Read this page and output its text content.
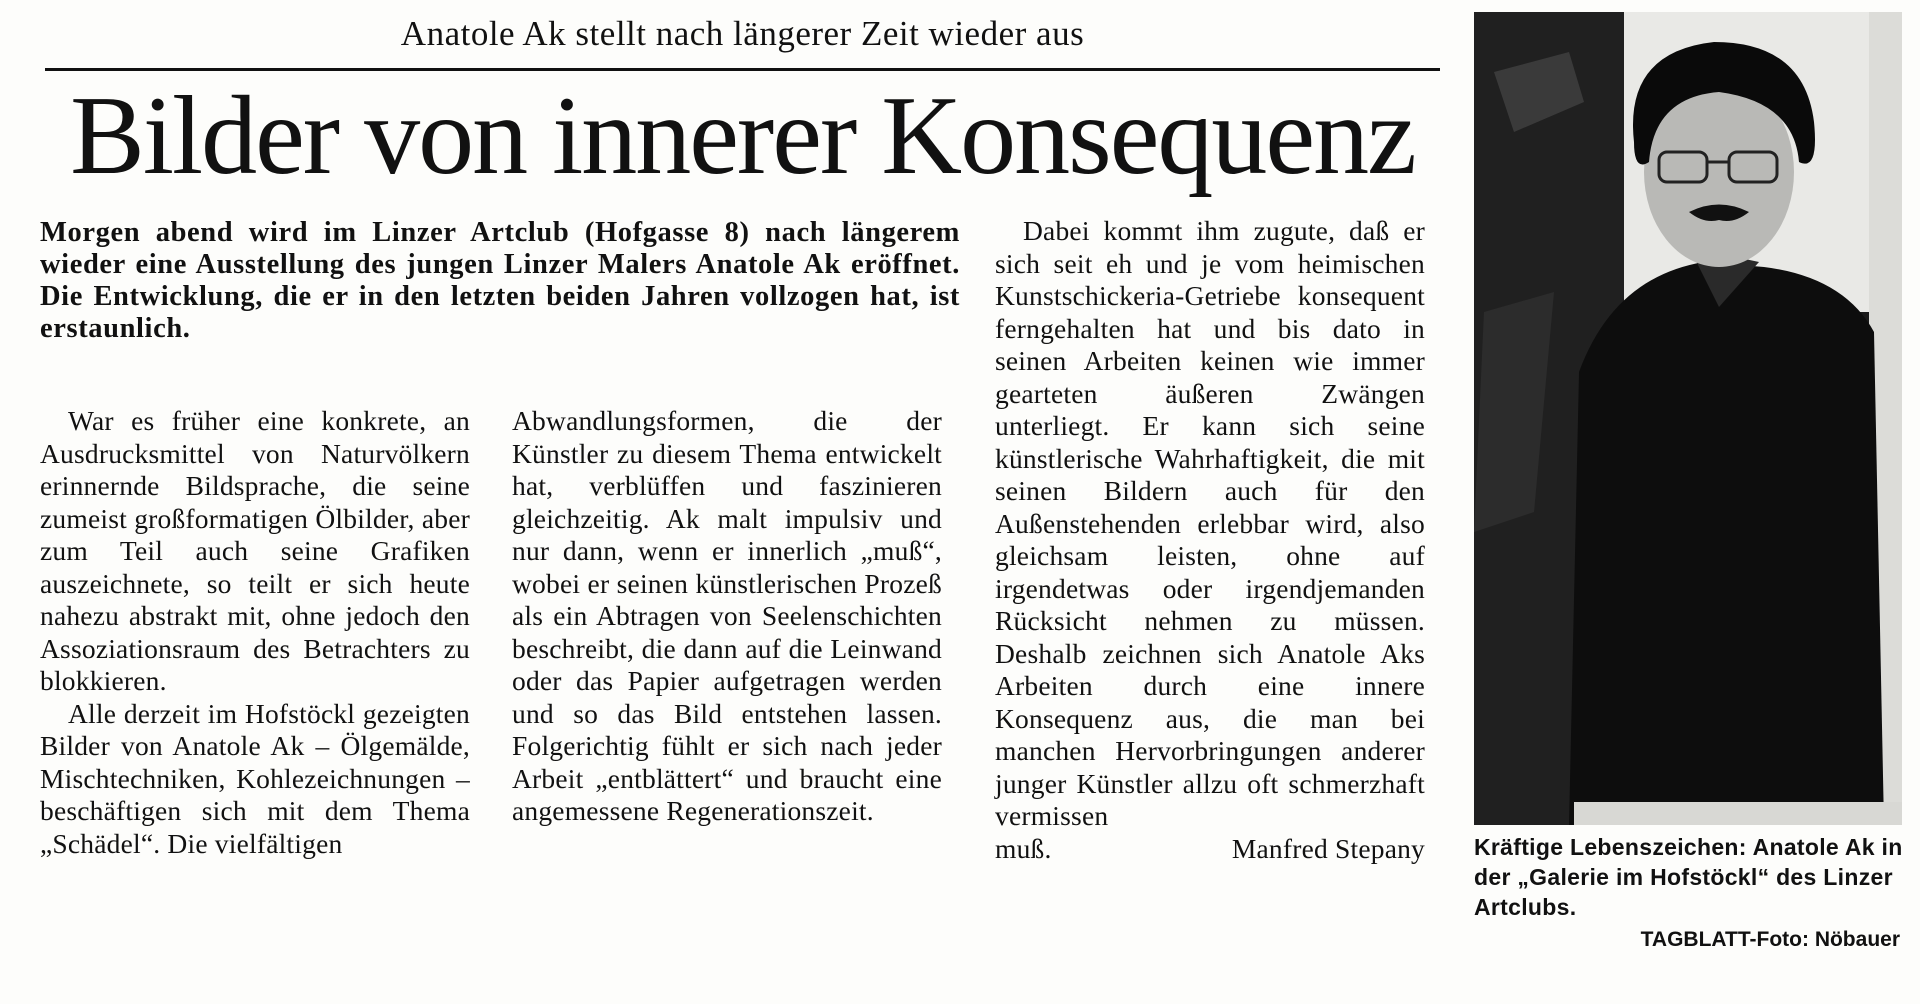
Anatole Ak stellt nach längerer Zeit wieder aus
Bilder von innerer Konsequenz
Morgen abend wird im Linzer Artclub (Hofgasse 8) nach längerem wieder eine Ausstellung des jungen Linzer Malers Anatole Ak eröffnet. Die Entwicklung, die er in den letzten beiden Jahren vollzogen hat, ist erstaunlich.

War es früher eine konkrete, an Ausdrucksmittel von Naturvölkern erinnernde Bildsprache, die seine zumeist großformatigen Ölbilder, aber zum Teil auch seine Grafiken auszeichnete, so teilt er sich heute nahezu abstrakt mit, ohne jedoch den Assoziationsraum des Betrachters zu blokkieren.

Alle derzeit im Hofstöckl gezeigten Bilder von Anatole Ak – Ölgemälde, Mischtechniken, Kohlezeichnungen – beschäftigen sich mit dem Thema „Schädel“. Die vielfältigen

Abwandlungsformen, die der Künstler zu diesem Thema entwickelt hat, verblüffen und faszinieren gleichzeitig. Ak malt impulsiv und nur dann, wenn er innerlich „muß“, wobei er seinen künstlerischen Prozeß als ein Abtragen von Seelenschichten beschreibt, die dann auf die Leinwand oder das Papier aufgetragen werden und so das Bild entstehen lassen. Folgerichtig fühlt er sich nach jeder Arbeit „entblättert“ und braucht eine angemessene Regenerationszeit.

Dabei kommt ihm zugute, daß er sich seit eh und je vom heimischen Kunstschickeria-Getriebe konsequent ferngehalten hat und bis dato in seinen Arbeiten keinen wie immer gearteten äußeren Zwängen unterliegt. Er kann sich seine künstlerische Wahrhaftigkeit, die mit seinen Bildern auch für den Außenstehenden erlebbar wird, also gleichsam leisten, ohne auf irgendetwas oder irgendjemanden Rücksicht nehmen zu müssen. Deshalb zeichnen sich Anatole Aks Arbeiten durch eine innere Konsequenz aus, die man bei manchen Hervorbringungen anderer junger Künstler allzu oft schmerzhaft vermissen

muß.	Manfred Stepany Kräftige Lebenszeichen: Anatole Ak in der „Galerie im Hofstöckl“ des Linzer Artclubs.
TAGBLATT-Foto: Nöbauer
